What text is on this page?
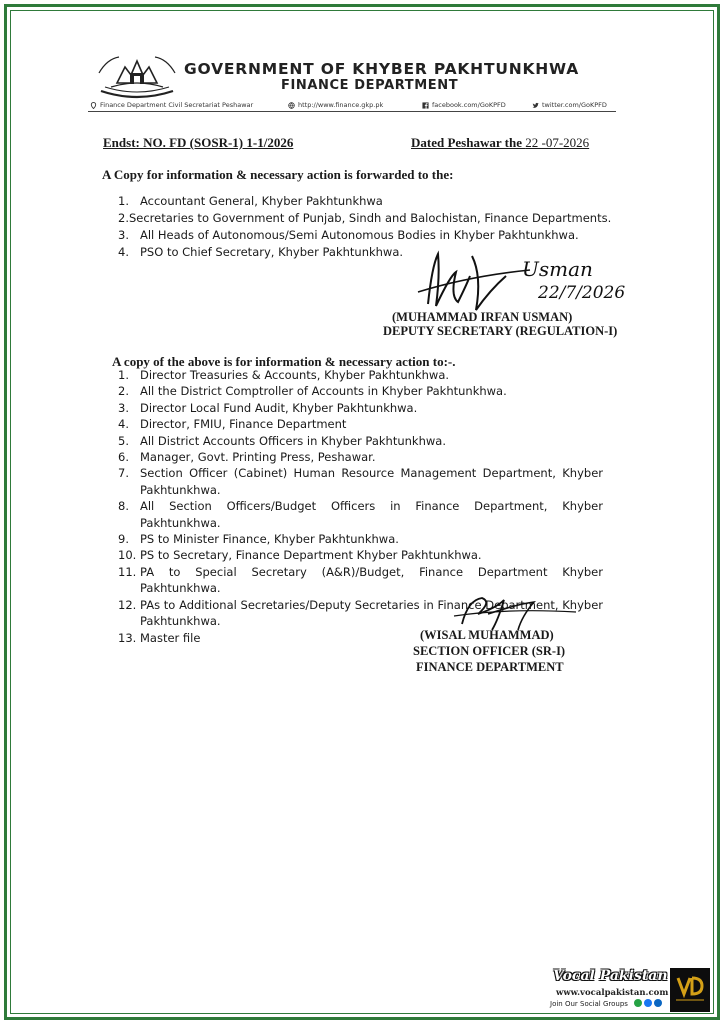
GOVERNMENT OF KHYBER PAKHTUNKHWA
FINANCE DEPARTMENT
Finance Department Civil Secretariat Peshawar	http://www.finance.gkp.pk	facebook.com/GoKPFD	twitter.com/GoKPFD
Endst: NO. FD (SOSR-1) 1-1/2026	Dated Peshawar the 22 -07-2026
A Copy for information & necessary action is forwarded to the:
1. Accountant General, Khyber Pakhtunkhwa
2. Secretaries to Government of Punjab, Sindh and Balochistan, Finance Departments.
3. All Heads of Autonomous/Semi Autonomous Bodies in Khyber Pakhtunkhwa.
4. PSO to Chief Secretary, Khyber Pakhtunkhwa.
Usman
22/7/2026
(MUHAMMAD IRFAN USMAN)
DEPUTY SECRETARY (REGULATION-I)
A copy of the above is for information & necessary action to:-.
1. Director Treasuries & Accounts, Khyber Pakhtunkhwa.
2. All the District Comptroller of Accounts in Khyber Pakhtunkhwa.
3. Director Local Fund Audit, Khyber Pakhtunkhwa.
4. Director, FMIU, Finance Department
5. All District Accounts Officers in Khyber Pakhtunkhwa.
6. Manager, Govt. Printing Press, Peshawar.
7. Section Officer (Cabinet) Human Resource Management Department, Khyber Pakhtunkhwa.
8. All Section Officers/Budget Officers in Finance Department, Khyber Pakhtunkhwa.
9. PS to Minister Finance, Khyber Pakhtunkhwa.
10. PS to Secretary, Finance Department Khyber Pakhtunkhwa.
11. PA to Special Secretary (A&R)/Budget, Finance Department Khyber Pakhtunkhwa.
12. PAs to Additional Secretaries/Deputy Secretaries in Finance Department, Khyber Pakhtunkhwa.
13. Master file	(WISAL MUHAMMAD)
SECTION OFFICER (SR-I)
FINANCE DEPARTMENT
Vocal Pakistan
www.vocalpakistan.com
Join Our Social Groups
